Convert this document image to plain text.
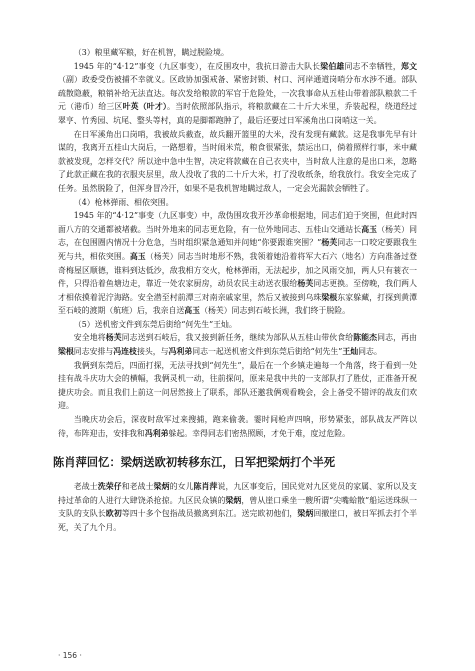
（3）粮里藏军粮，好在机智，瞒过脱险境。

1945 年的“4·12”事变（九区事变），在反围攻中，我抗日游击大队长梁伯雄同志不幸牺牲，郑文（副）政委受伤被捕不幸就义。区政协加强戒备、紧密封锁、村口、河岸通道岗哨分布水涉不通。部队疏散隐蔽，粮销补给无法直达。每次发给粮款的军官于危险处，一次我事命从五桂山带着部队粮款二千元（港币）给三区叶英（叶才）。当时依照部队指示，将粮款藏在二十斤大米里，乔装起程，绕道经过翠亨、竹秀园、坑尾、整头等村，真的是脚都跑肿了，最后还要过日军溪角出口岗哨这一关。

在日军溪角出口岗哨，我被故兵截查，故兵翻开篮里的大米，没有发现有藏款。这是我事先早有计谋的，我离开五桂山大岗后，一路想着，当时闹米荒，粮食很紧张，禁运出口，倘着照样行事，米中藏款被发现，怎样交代？所以途中急中生智，决定将款藏在自己衣夹中，当时敌人注意的是出口米，忽略了此款正藏在我的衣服夹层里，敌人没收了我的二十斤大米，打了没收纸条，给我放行。我安全完成了任务。虽然脱险了，但浑身冒冷汗，如果不是我机智地瞒过敌人，一定会光漏款会牺牲了。

（4）枪林弹雨、相依突围。

1945 年的“4·12”事变（九区事变）中，敌伪围攻我开沙革命根据地，同志们迫于突围，但此时四面八方的交通都被堵截。当时外地来的同志更危险，有一位外地同志、五桂山交通站长高玉（杨芙）同志，在包围圈内情况十分危急，当时组织紧急通知并问她“你要跟谁突围？”杨芙同志一口咬定要跟我生死与共，相依突围。高玉（杨芙）同志当时地形不熟，我领着她沿着将军大石六（地名）方向准备过登奇梅屋区顺德，谁料到达低沙，敌我相方交火，枪林弹雨，无法起步，加之风雨交加，两人只有蓑衣一件，只得沿着鱼塘边走，靠近一处农家厨房，动员农民主动送衣服给杨芙同志更换。至傍晚，我们两人才相依摸着泥泞海路。安全潜至村前潭三对南亲戚家里，然后又被接到乌珠梁根东家躲藏，打探到黄潭至石岐的渡期（航班）后，我亲自送高玉（杨芙）同志到石岐长洲，我们终于脱险。

（5）送机密文件到东莞后街给“何先生”王灿。

安全地将杨芙同志送到石岐后，我又接到新任务，继续为部队从五桂山带伙食给陈能杰同志，再由梁根同志安排与冯连枝接头，与冯利弟同志一起送机密文件到东莞后街给“何先生”王灿同志。

我俩到东莞后，四面打探，无法寻找到“何先生”，最后在一个乡镇走遍每一个角落，终于看到一处挂有战斗庆功大会的横幅，我俩灵机一动，往前探问，原来是我中共的一支部队打了胜仗，正准备开祝捷庆功会。而且我们上前这一问居然接上了联系，部队还邀我俩观看晚会，会上备受不错评的战友们欢迎。

当晚庆功会后，深夜时敌军过来搜捕，跑来偷袭。霎时间枪声四响，形势紧张，部队战友严阵以待，布阵迎击，安排我和冯利弟躲起。幸得同志们密热照顾，才免于难，度过危险。

陈肖萍回忆：梁炳送欧初转移东江，日军把梁炳打个半死

老战士洗荣仔和老战士梁炳的女儿陈肖萍说，九区事变后，国民党对九区党员的家属、家所以及支持过革命的人进行大肆饶杀抢掠。九区民众镇的梁炳，曾从崖口乘坐一艘所谓“尖嘴蛤散”船运送珠纵一支队的支队长欧初等四十多个包指战员撤离到东江。送完欧初他们，梁炳回撤崖口，被日军抓去打个半死，关了九个月。

· 156 ·
